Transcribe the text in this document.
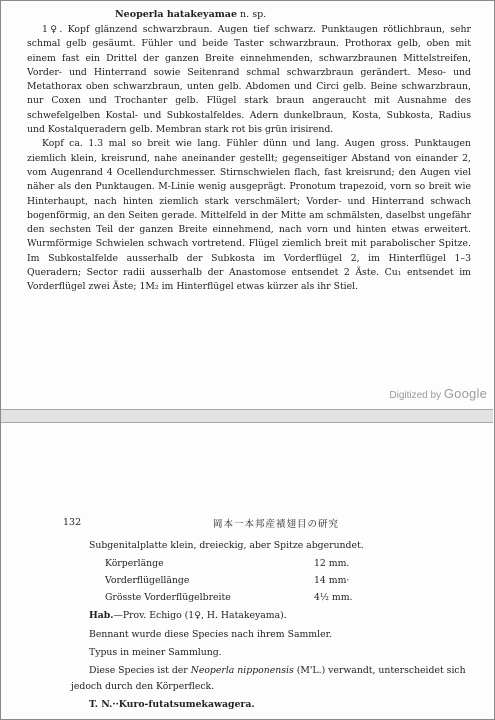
Neoperla hatakeyamae n. sp.

1♀. Kopf glänzend schwarzbraun. Augen tief schwarz. Punktaugen rötlichbraun, sehr schmal gelb gesäumt. Fühler und beide Taster schwarzbraun. Prothorax gelb, oben mit einem fast ein Drittel der ganzen Breite einnehmenden, schwarzbraunen Mittelstreifen, Vorder- und Hinterrand sowie Seitenrand schmal schwarzbraun gerändert. Meso- und Metathorax oben schwarzbraun, unten gelb. Abdomen und Circi gelb. Beine schwarzbraun, nur Coxen und Trochanter gelb. Flügel stark braun angeraucht mit Ausnahme des schwefelgelben Kostal- und Subkostalfeldes. Adern dunkelbraun, Kosta, Subkosta, Radius und Kostalqueradern gelb. Membran stark rot bis grün irisirend.

Kopf ca. 1.3 mal so breit wie lang. Fühler dünn und lang. Augen gross. Punktaugen ziemlich klein, kreisrund, nahe aneinander gestellt; gegenseitiger Abstand von einander 2, vom Augenrand 4 Ocellendurchmesser. Stirnschwielen flach, fast kreisrund; den Augen viel näher als den Punktaugen. M-Linie wenig ausgeprägt. Pronotum trapezoid, vorn so breit wie Hinterhaupt, nach hinten ziemlich stark verschmälert; Vorder- und Hinterrand schwach bogenförmig, an den Seiten gerade. Mittelfeld in der Mitte am schmälsten, daselbst ungefähr den sechsten Teil der ganzen Breite einnehmend, nach vorn und hinten etwas erweitert. Wurmförmige Schwielen schwach vortretend. Flügel ziemlich breit mit parabolischer Spitze. Im Subkostalfelde ausserhalb der Subkosta im Vorderflügel 2, im Hinterflügel 1–3 Queradern; Sector radii ausserhalb der Anastomose entsendet 2 Äste. Cu₁ entsendet im Vorderflügel zwei Äste; 1M₂ im Hinterflügel etwas kürzer als ihr Stiel.

Digitized by Google
132	岡本一本邦産襀翅目の研究
Subgenitalplatte klein, dreieckig, aber Spitze abgerundet.
Körperlänge	12 mm.
Vorderflügellänge	14 mm·
Grösste Vorderflügelbreite	4½ mm.
Hab.—Prov. Echigo (1♀, H. Hatakeyama).
Bennant wurde diese Species nach ihrem Sammler.
Typus in meiner Sammlung.
Diese Species ist der Neoperla nipponensis (M'L.) verwandt, unterscheidet sich
jedoch durch den Körperfleck.
T. N.··Kuro-futatsumekawagera.
